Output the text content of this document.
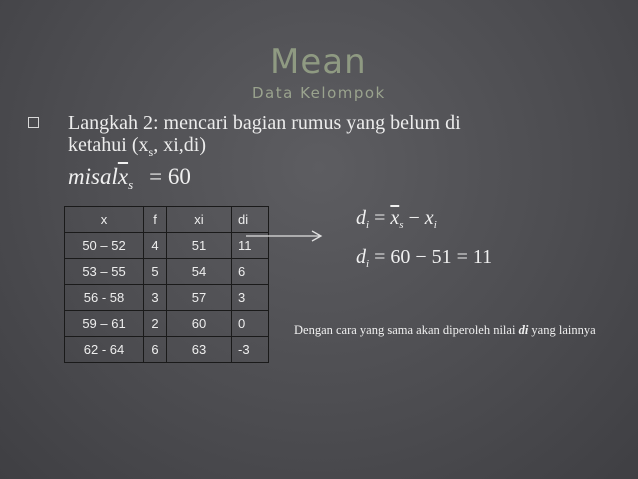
Mean
Data Kelompok
Langkah 2: mencari bagian rumus yang belum di
ketahui ($x_s$, xi,di)
$misal\overline{x}_s = 60$
x	f	xi	di
50 – 52	4	51	11
53 – 55	5	54	6
56 - 58	3	57	3
59 – 61	2	60	0
62 - 64	6	63	-3
$d_i = \overline{x}_s - x_i$
$d_i = 60 - 51 = 11$
Dengan cara yang sama akan diperoleh nilai di yang lainnya
